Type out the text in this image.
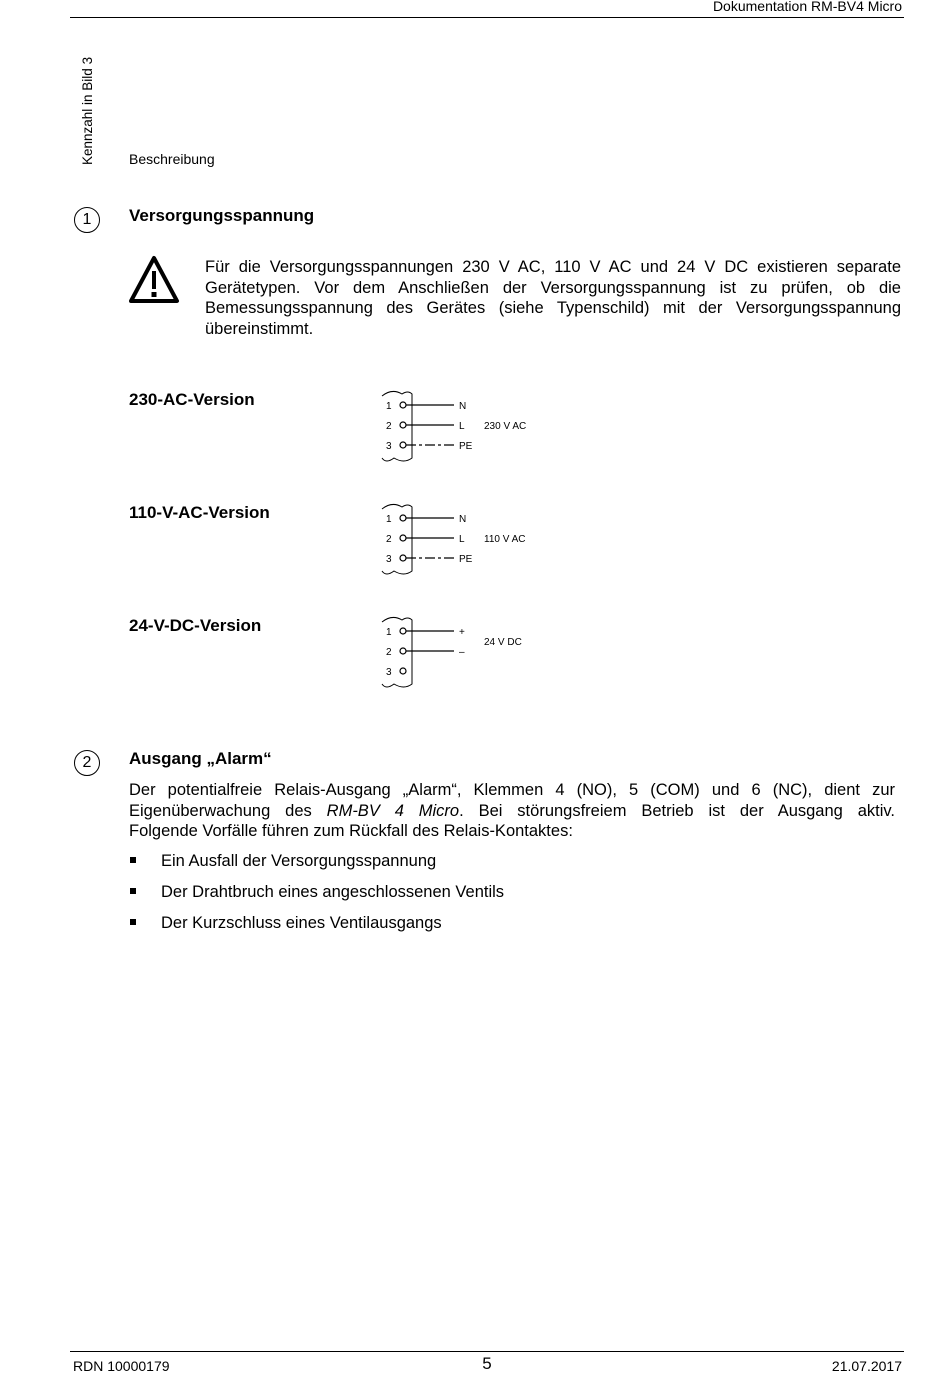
Dokumentation RM-BV4 Micro
Kennzahl in Bild 3 Beschreibung
1	Versorgungsspannung
Für die Versorgungsspannungen 230 V AC, 110 V AC und 24 V DC existieren separate
Gerätetypen. Vor dem Anschließen der Versorgungsspannung ist zu prüfen, ob die
Bemessungsspannung des Gerätes (siehe Typenschild) mit der Versorgungsspannung
übereinstimmt.
230-AC-Version	1
2
3
N
L
PE
230 V AC
110-V-AC-Version	1
2
3
N
L
PE
110 V AC
24-V-DC-Version	1
2
3
+
–
24 V DC
2	Ausgang „Alarm“
Der potentialfreie Relais-Ausgang „Alarm“, Klemmen 4 (NO), 5 (COM) und 6 (NC), dient zur
Eigenüberwachung des RM-BV 4 Micro. Bei störungsfreiem Betrieb ist der Ausgang aktiv.
Folgende Vorfälle führen zum Rückfall des Relais-Kontaktes:
Ein Ausfall der Versorgungsspannung
Der Drahtbruch eines angeschlossenen Ventils
Der Kurzschluss eines Ventilausgangs
RDN 10000179	5	21.07.2017
